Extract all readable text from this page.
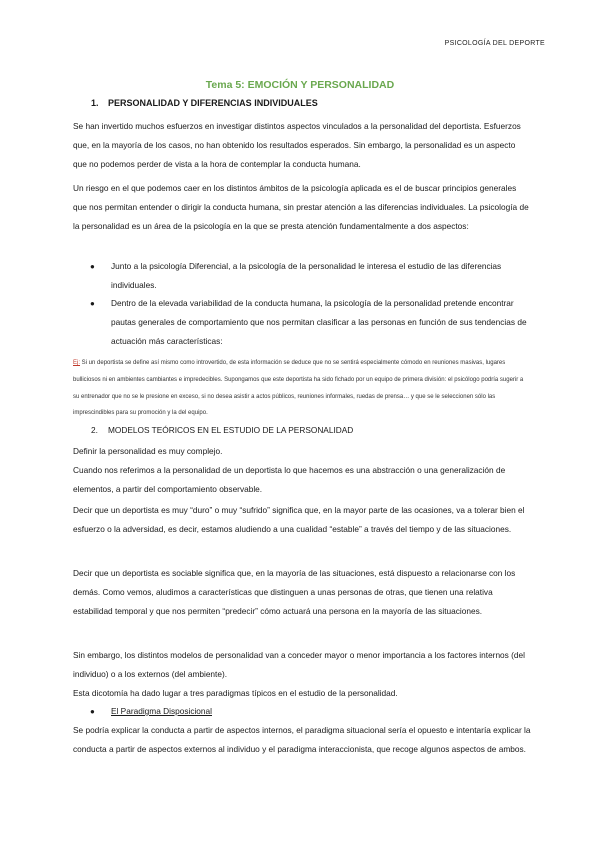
PSICOLOGÍA DEL DEPORTE
Tema 5: EMOCIÓN Y PERSONALIDAD
1. PERSONALIDAD Y DIFERENCIAS INDIVIDUALES
Se han invertido muchos esfuerzos en investigar distintos aspectos vinculados a la personalidad del deportista. Esfuerzos que, en la mayoría de los casos, no han obtenido los resultados esperados. Sin embargo, la personalidad es un aspecto que no podemos perder de vista a la hora de contemplar la conducta humana.
Un riesgo en el que podemos caer en los distintos ámbitos de la psicología aplicada es el de buscar principios generales que nos permitan entender o dirigir la conducta humana, sin prestar atención a las diferencias individuales. La psicología de la personalidad es un área de la psicología en la que se presta atención fundamentalmente a dos aspectos:
● Junto a la psicología Diferencial, a la psicología de la personalidad le interesa el estudio de las diferencias individuales.
● Dentro de la elevada variabilidad de la conducta humana, la psicología de la personalidad pretende encontrar pautas generales de comportamiento que nos permitan clasificar a las personas en función de sus tendencias de actuación más características:
Ej: Si un deportista se define así mismo como introvertido, de esta información se deduce que no se sentirá especialmente cómodo en reuniones masivas, lugares bulliciosos ni en ambientes cambiantes e impredecibles. Supongamos que este deportista ha sido fichado por un equipo de primera división: el psicólogo podría sugerir a su entrenador que no se le presione en exceso, si no desea asistir a actos públicos, reuniones informales, ruedas de prensa… y que se le seleccionen sólo las imprescindibles para su promoción y la del equipo.
2. MODELOS TEÓRICOS EN EL ESTUDIO DE LA PERSONALIDAD
Definir la personalidad es muy complejo.
Cuando nos referimos a la personalidad de un deportista lo que hacemos es una abstracción o una generalización de elementos, a partir del comportamiento observable.
Decir que un deportista es muy “duro” o muy “sufrido” significa que, en la mayor parte de las ocasiones, va a tolerar bien el esfuerzo o la adversidad, es decir, estamos aludiendo a una cualidad “estable” a través del tiempo y de las situaciones.
Decir que un deportista es sociable significa que, en la mayoría de las situaciones, está dispuesto a relacionarse con los demás. Como vemos, aludimos a características que distinguen a unas personas de otras, que tienen una relativa estabilidad temporal y que nos permiten “predecir” cómo actuará una persona en la mayoría de las situaciones.
Sin embargo, los distintos modelos de personalidad van a conceder mayor o menor importancia a los factores internos (del individuo) o a los externos (del ambiente).
Esta dicotomía ha dado lugar a tres paradigmas típicos en el estudio de la personalidad.
● El Paradigma Disposicional
Se podría explicar la conducta a partir de aspectos internos, el paradigma situacional sería el opuesto e intentaría explicar la conducta a partir de aspectos externos al individuo y el paradigma interaccionista, que recoge algunos aspectos de ambos.
